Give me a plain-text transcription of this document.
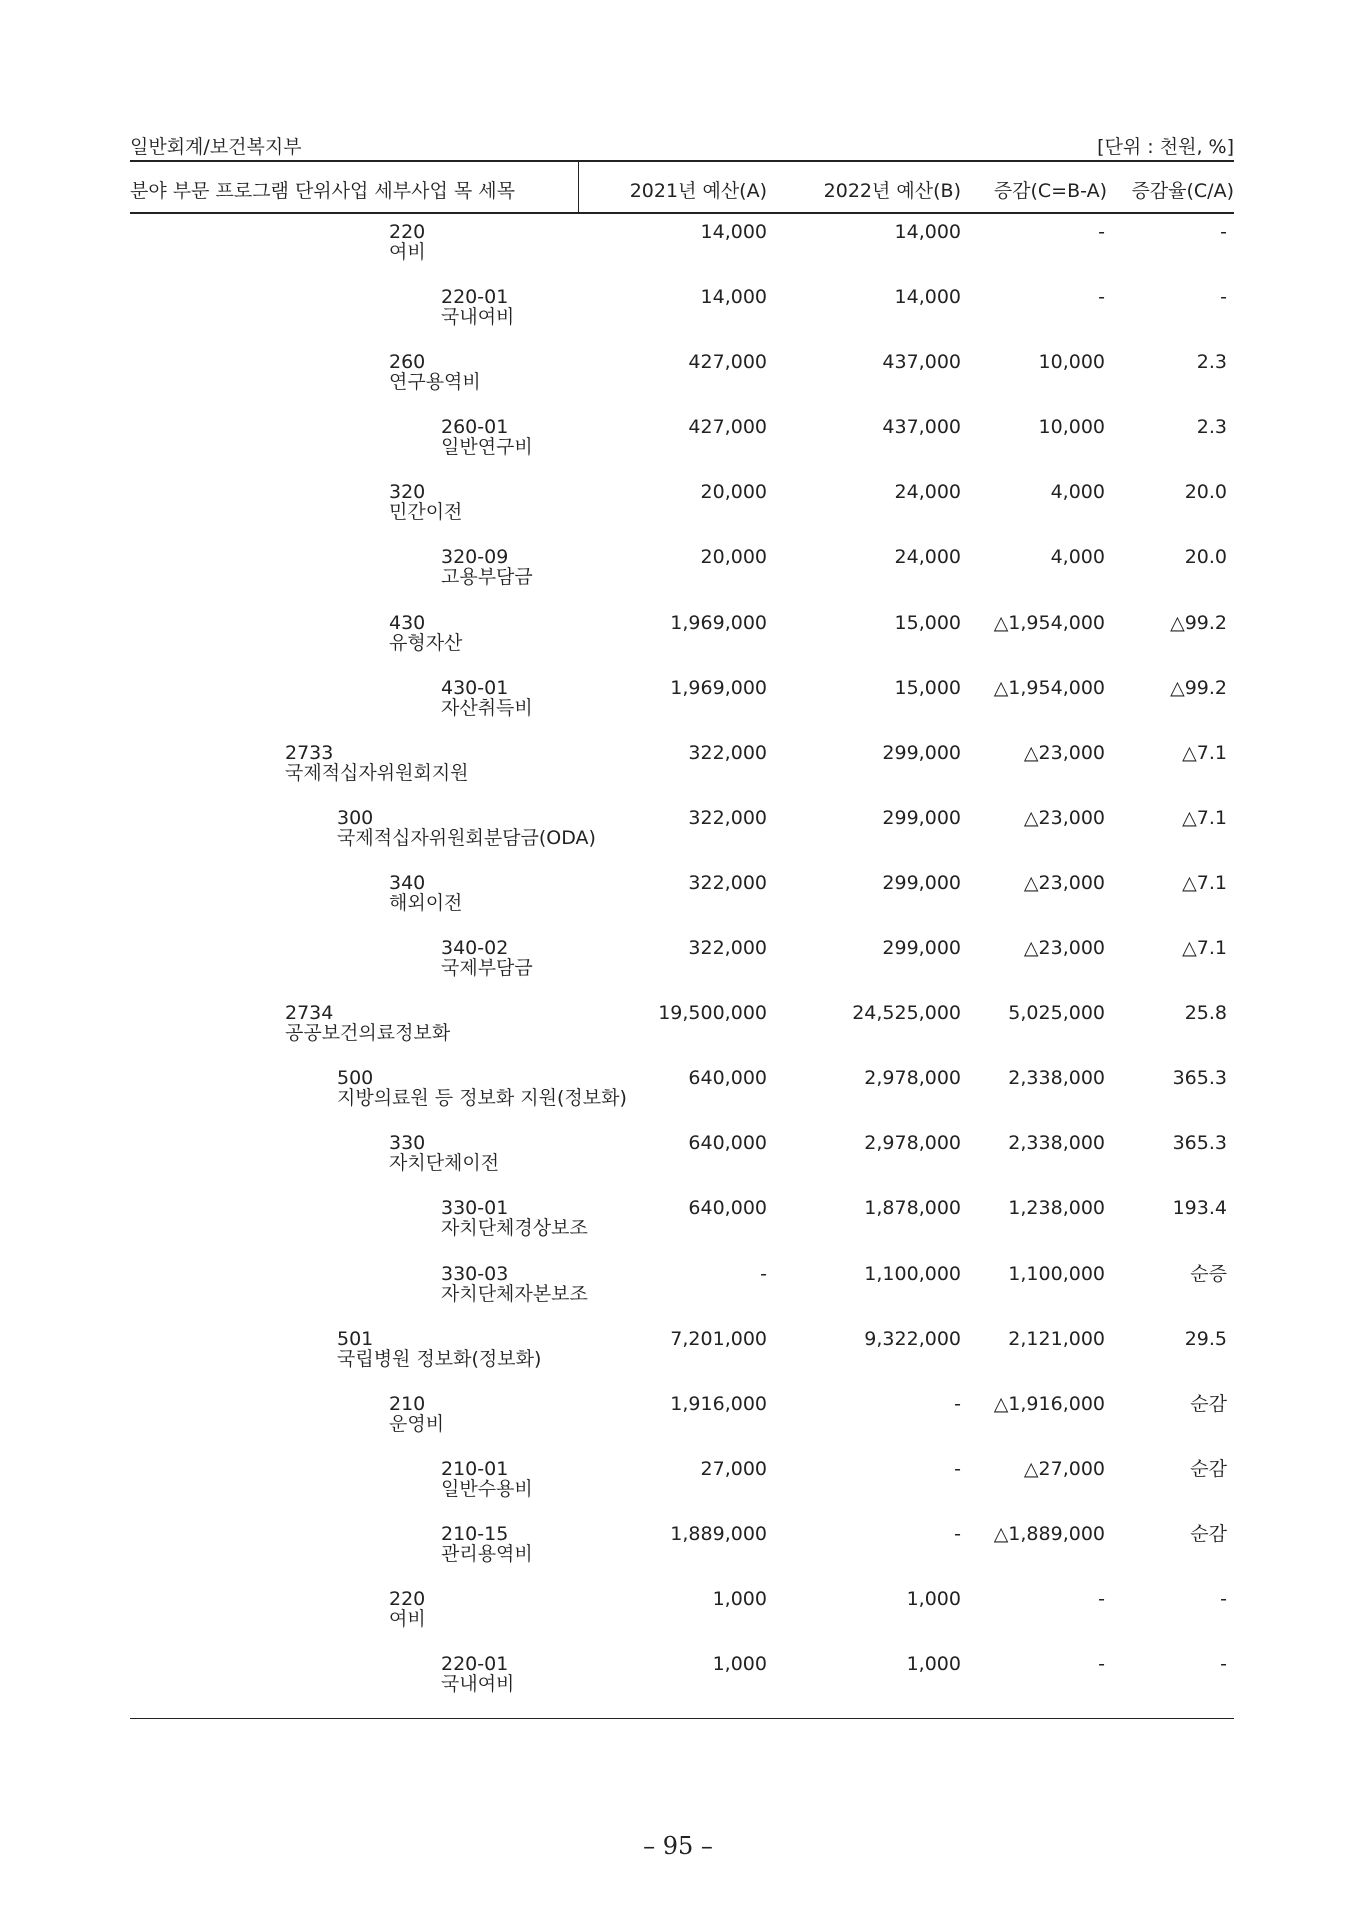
일반회계/보건복지부	[단위 : 천원, %]
분야 부문 프로그램 단위사업 세부사업 목 세목	2021년 예산(A)	2022년 예산(B) 증감(C=B-A) 증감율(C/A)
220
여비
14,000	14,000	-	-
220-01
국내여비
14,000	14,000	-	-
260
연구용역비
427,000	437,000	10,000	2.3
260-01
일반연구비
427,000	437,000	10,000	2.3
320
민간이전
20,000	24,000	4,000	20.0
320-09
고용부담금
20,000	24,000	4,000	20.0
430
유형자산
1,969,000	15,000 △1,954,000	△99.2
430-01
자산취득비
1,969,000	15,000 △1,954,000	△99.2
2733
국제적십자위원회지원
322,000	299,000	△23,000	△7.1
300
국제적십자위원회분담금(ODA)
322,000	299,000	△23,000	△7.1
340
해외이전
322,000	299,000	△23,000	△7.1
340-02
국제부담금
322,000	299,000	△23,000	△7.1
2734
공공보건의료정보화
19,500,000	24,525,000 5,025,000	25.8
500
지방의료원 등 정보화 지원(정보화)
640,000	2,978,000 2,338,000	365.3
330
자치단체이전
640,000	2,978,000 2,338,000	365.3
330-01
자치단체경상보조
640,000	1,878,000 1,238,000	193.4
330-03
자치단체자본보조
-	1,100,000 1,100,000	순증
501
국립병원 정보화(정보화)
7,201,000	9,322,000 2,121,000	29.5
210
운영비
1,916,000	- △1,916,000	순감
210-01
일반수용비
27,000	-	△27,000	순감
210-15
관리용역비
1,889,000	- △1,889,000	순감
220
여비
1,000	1,000	-	-
220-01
국내여비
1,000	1,000	-	-
– 95 –
